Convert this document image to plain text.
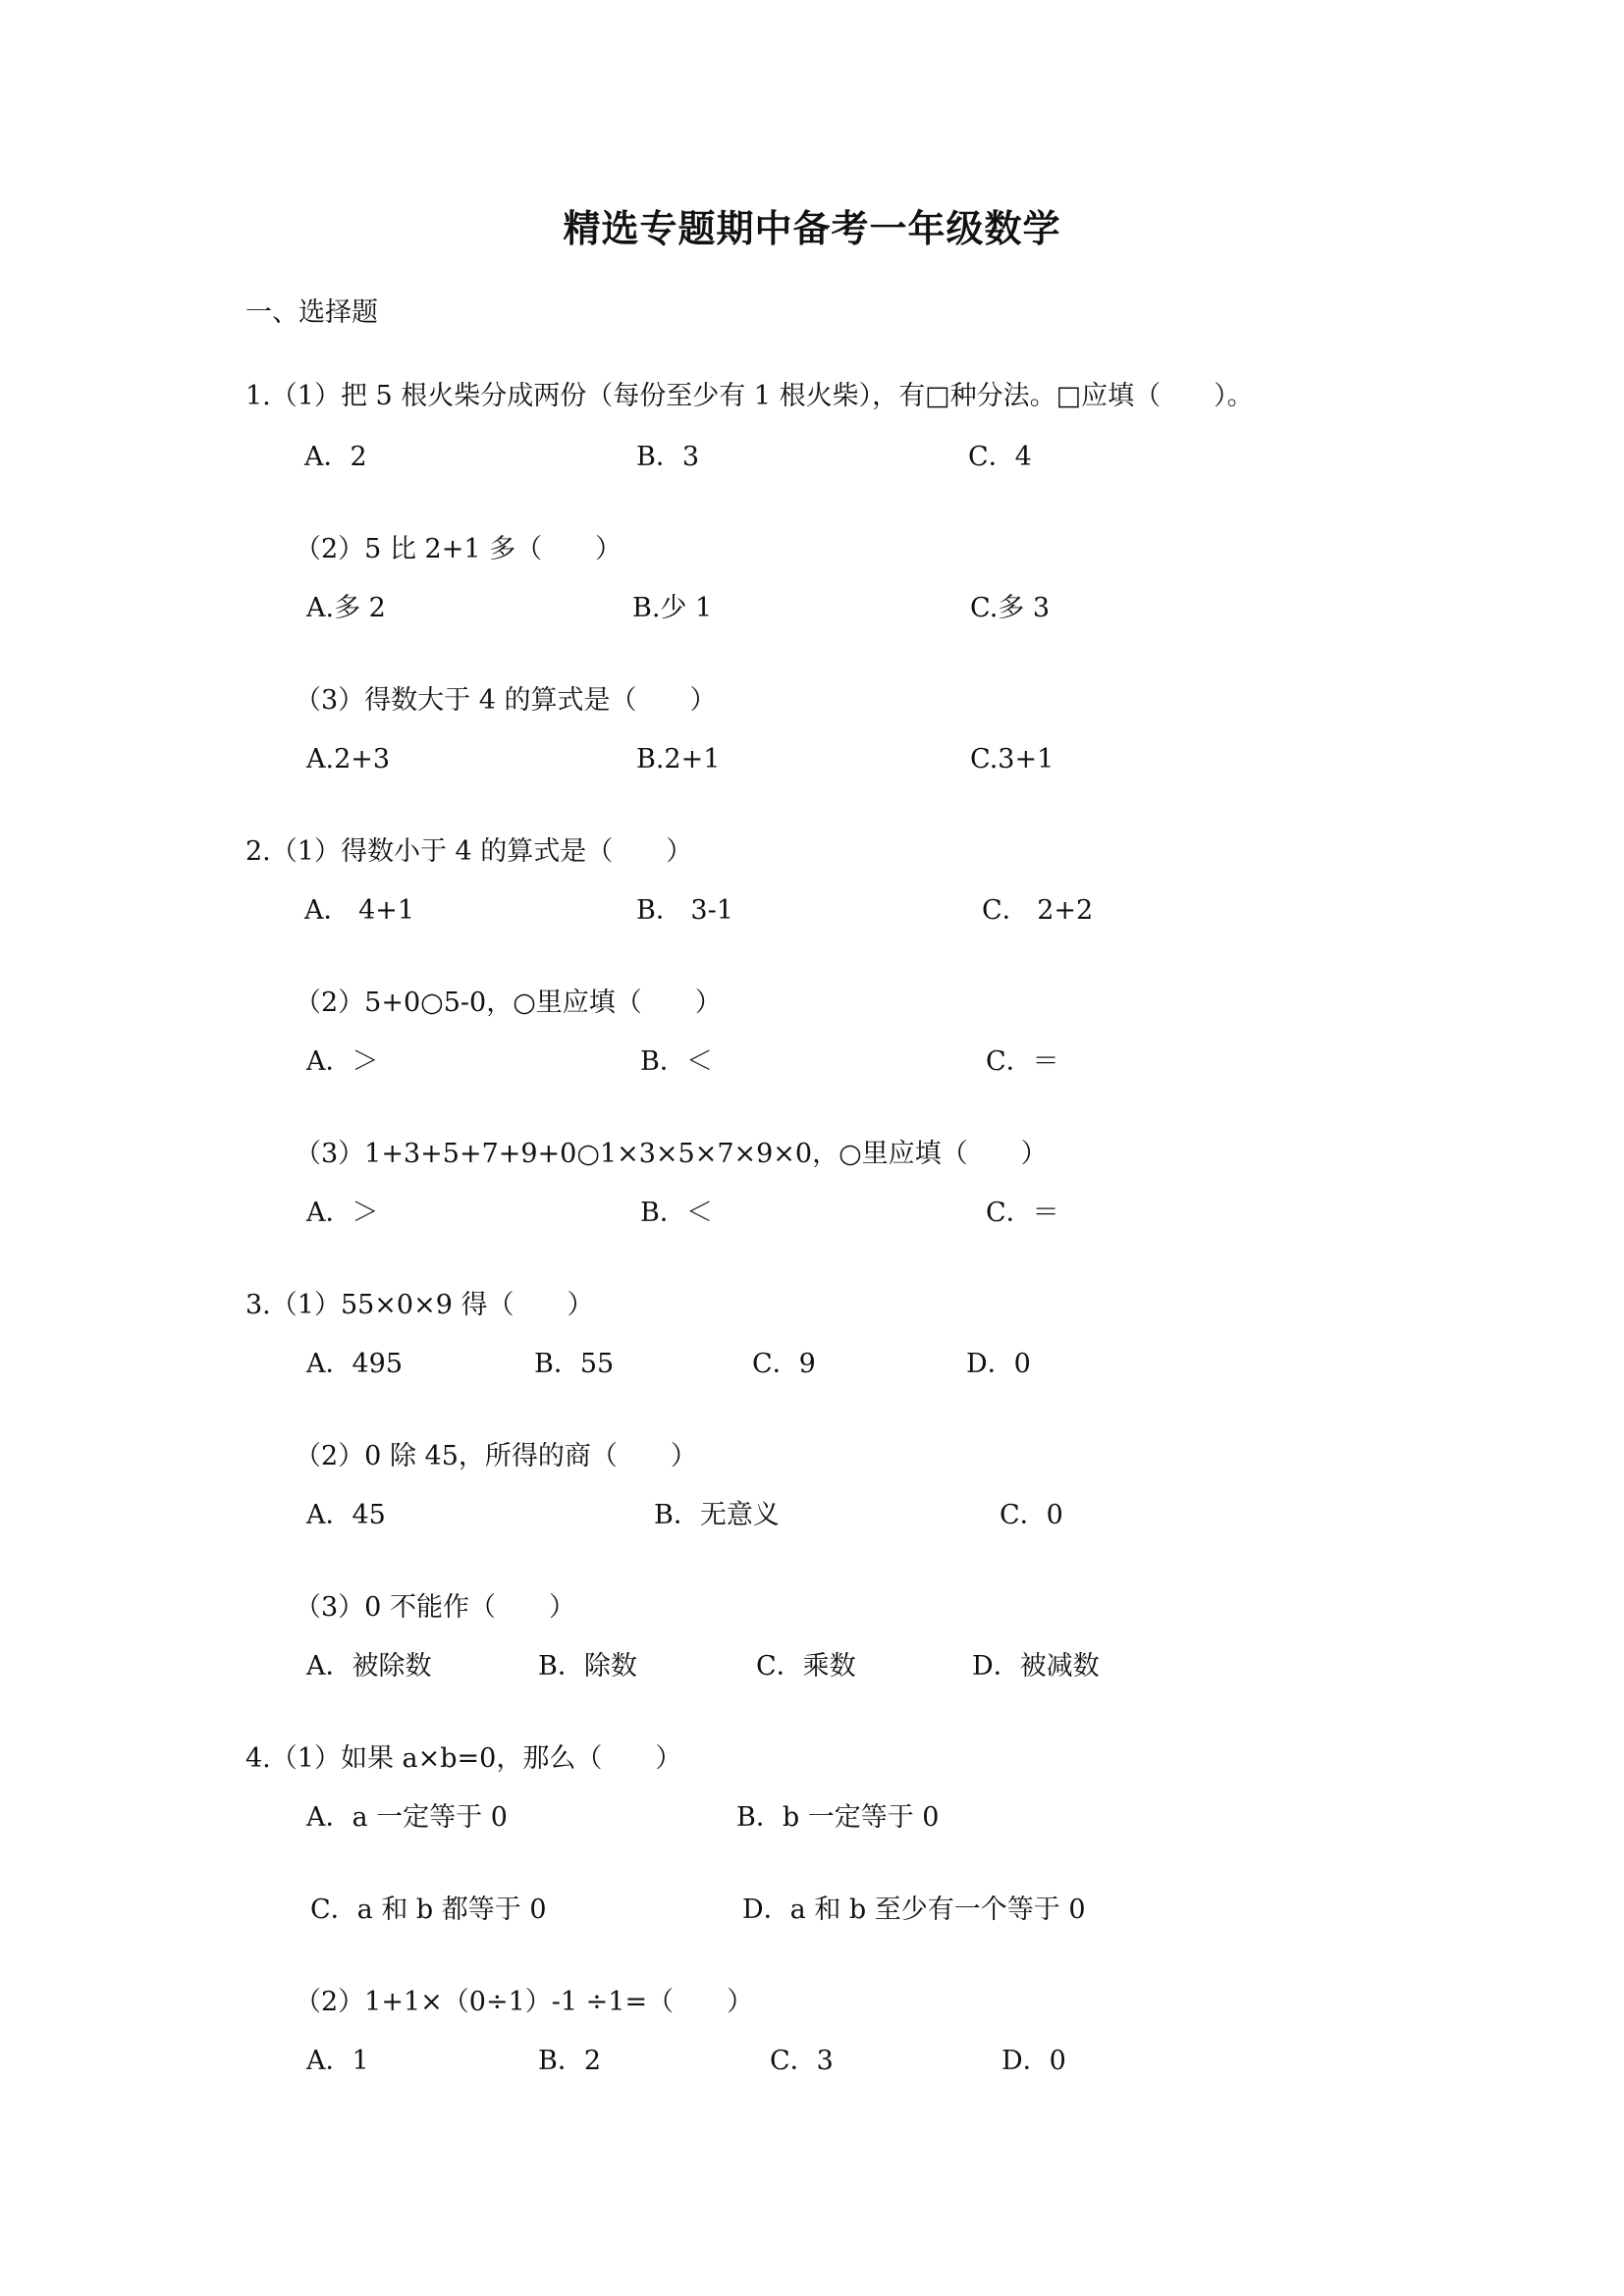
精选专题期中备考一年级数学
一、选择题
1.（1）把 5 根火柴分成两份（每份至少有 1 根火柴），有□种分法。□应填（　　）。
A．2	B．3	C．4
（2）5 比 2+1 多（　　）
A.多 2	B.少 1	C.多 3
（3）得数大于 4 的算式是（　　）
A.2+3	B.2+1	C.3+1
2.（1）得数小于 4 的算式是（　　）
A． 4+1	B． 3-1	C． 2+2
（2）5+0○5-0，○里应填（　　）
A．＞	B．＜	C．＝
（3）1+3+5+7+9+0○1×3×5×7×9×0，○里应填（　　）
A．＞	B．＜	C．＝
3.（1）55×0×9 得（　　）
A．495	B．55	C．9	D．0
（2）0 除 45，所得的商（　　）
A．45	B．无意义	C．0
（3）0 不能作（　　）
A．被除数	B．除数	C．乘数	D．被减数
4.（1）如果 a×b=0，那么（　　）
A．a 一定等于 0	B．b 一定等于 0
C．a 和 b 都等于 0	D．a 和 b 至少有一个等于 0
（2）1+1×（0÷1）-1 ÷1=（　　）
A．1	B．2	C．3	D．0
